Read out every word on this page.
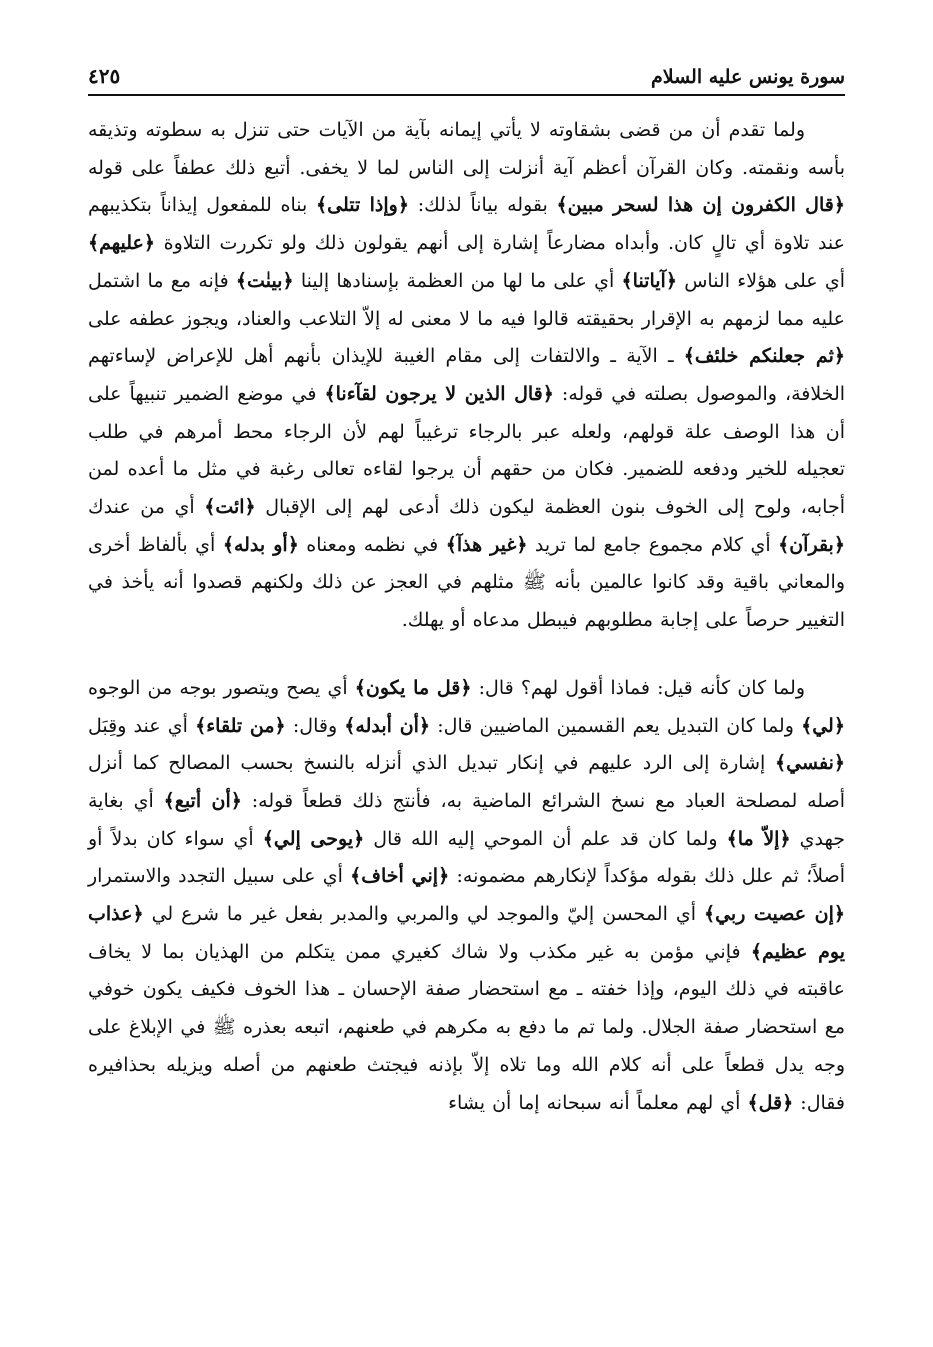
سورة يونس عليه السلام
٤٢٥

ولما تقدم أن من قضى بشقاوته لا يأتي إيمانه بآية من الآيات حتى تنزل به سطوته وتذيقه بأسه ونقمته. وكان القرآن أعظم آية أنزلت إلى الناس لما لا يخفى. أتبع ذلك عطفاً على قوله ﴿قال الكفرون إن هذا لسحر مبين﴾ بقوله بياناً لذلك: ﴿وإذا تتلى﴾ بناه للمفعول إيذاناً بتكذيبهم عند تلاوة أي تالٍ كان. وأبداه مضارعاً إشارة إلى أنهم يقولون ذلك ولو تكررت التلاوة ﴿عليهم﴾ أي على هؤلاء الناس ﴿آياتنا﴾ أي على ما لها من العظمة بإسنادها إلينا ﴿بينٰت﴾ فإنه مع ما اشتمل عليه مما لزمهم به الإقرار بحقيقته قالوا فيه ما لا معنى له إلاّ التلاعب والعناد، ويجوز عطفه على ﴿ثم جعلنكم خلئف﴾ ـ الآية ـ والالتفات إلى مقام الغيبة للإيذان بأنهم أهل للإعراض لإساءتهم الخلافة، والموصول بصلته في قوله: ﴿قال الذين لا يرجون لقآءنا﴾ في موضع الضمير تنبيهاً على أن هذا الوصف علة قولهم، ولعله عبر بالرجاء ترغيباً لهم لأن الرجاء محط أمرهم في طلب تعجيله للخير ودفعه للضمير. فكان من حقهم أن يرجوا لقاءه تعالى رغبة في مثل ما أعده لمن أجابه، ولوح إلى الخوف بنون العظمة ليكون ذلك أدعى لهم إلى الإقبال ﴿ائت﴾ أي من عندك ﴿بقرآن﴾ أي كلام مجموع جامع لما تريد ﴿غير هذآ﴾ في نظمه ومعناه ﴿أو بدله﴾ أي بألفاظ أخرى والمعاني باقية وقد كانوا عالمين بأنه ﷺ مثلهم في العجز عن ذلك ولكنهم قصدوا أنه يأخذ في التغيير حرصاً على إجابة مطلوبهم فيبطل مدعاه أو يهلك.

ولما كان كأنه قيل: فماذا أقول لهم؟ قال: ﴿قل ما يكون﴾ أي يصح ويتصور بوجه من الوجوه ﴿لي﴾ ولما كان التبديل يعم القسمين الماضيين قال: ﴿أن أبدله﴾ وقال: ﴿من تلقاء﴾ أي عند وقِبَل ﴿نفسي﴾ إشارة إلى الرد عليهم في إنكار تبديل الذي أنزله بالنسخ بحسب المصالح كما أنزل أصله لمصلحة العباد مع نسخ الشرائع الماضية به، فأنتج ذلك قطعاً قوله: ﴿أن أتبع﴾ أي بغاية جهدي ﴿إلاّ ما﴾ ولما كان قد علم أن الموحي إليه الله قال ﴿يوحى إلي﴾ أي سواء كان بدلاً أو أصلاً؛ ثم علل ذلك بقوله مؤكداً لإنكارهم مضمونه: ﴿إني أخاف﴾ أي على سبيل التجدد والاستمرار ﴿إن عصيت ربي﴾ أي المحسن إليّ والموجد لي والمربي والمدبر بفعل غير ما شرع لي ﴿عذاب يوم عظيم﴾ فإني مؤمن به غير مكذب ولا شاك كغيري ممن يتكلم من الهذيان بما لا يخاف عاقبته في ذلك اليوم، وإذا خفته ـ مع استحضار صفة الإحسان ـ هذا الخوف فكيف يكون خوفي مع استحضار صفة الجلال. ولما تم ما دفع به مكرهم في طعنهم، اتبعه بعذره ﷺ في الإبلاغ على وجه يدل قطعاً على أنه كلام الله وما تلاه إلاّ بإذنه فيجتث طعنهم من أصله ويزيله بحذافيره فقال: ﴿قل﴾ أي لهم معلماً أنه سبحانه إما أن يشاء
